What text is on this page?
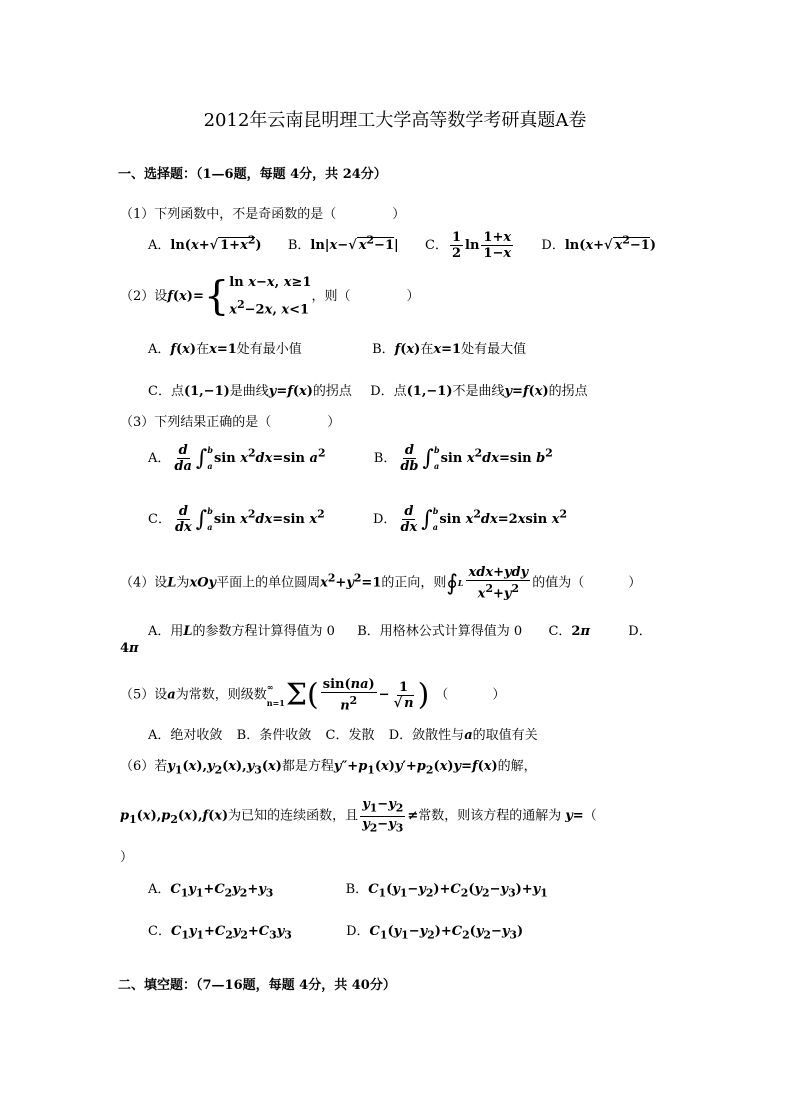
2012年云南昆明理工大学高等数学考研真题A卷
一、选择题：（1—6题，每题 4分，共 24分）
（1）下列函数中，不是奇函数的是（	）
A．ln(x+√ $1+x^2$) B．ln|x−√ $x^2-1|$ C． $\frac{1}{2}$ $\ln \frac{1+x}{1-x}$ D．ln(x+√ $x^2-1$)
（2）设f(x)={ ln x−x, x≥1
$x^2-2x$, x<1
，则（	）
A．f(x)在x=1处有最小值	B．f(x)在x=1处有最大值
C．点(1,−1)是曲线y=f(x)的拐点 D．点(1,−1)不是曲线y=f(x)的拐点
（3）下列结果正确的是（	）
A． $\frac{d}{da}$ ∫ b
a
$\sin x^2dx=\sin$ $a^2$	B． $\frac{d}{db}$ ∫ b
a
$\sin x^2dx=\sin$ $b^2$
C． $\frac{d}{dx}$ ∫ b
a
$\sin x^2dx=\sin$ $x^2$	D． $\frac{d}{dx}$ ∫ b
a
$\sin x^2dx=2xsin$ $x^2$
（4）设L为xOy平面上的单位圆周$x^2+y^2=1$的正向，则∮ L $\frac{\text{xdx+ydy}}{x^2+y^2}$ 的值为（	）
A．用L的参数方程计算得值为 0 B．用格林公式计算得值为 0 C．2π	D．
4π
（5）设a为常数，则级数
∞
n=1 $\Sigma( \frac{\sin(na)}{n^2} - \frac{1}{√ n}$ ) （	）
A．绝对收敛 B．条件收敛 C．发散 D．敛散性与a的取值有关
（6）若$y_1(x),y_2(x),y_3(x)$都是方程$y''+p_1(x)y'+p_2(x)y=f(x)$的解，
$p_1(x),p_2(x),f(x)$为已知的连续函数，且 $\frac{y_1-y_2}{y_2-y_3}$ ≠常数，则该方程的通解为 y=（
）
A．$C_1y_1+C_2y_2+y_3$	B．$C_1(y_1-y_2)+C_2(y_2-y_3)+y_1$
C．$C_1y_1+C_2y_2+C_3y_3$	D．$C_1(y_1-y_2)+C_2(y_2-y_3)$
二、填空题：（7—16题，每题 4分，共 40分）
